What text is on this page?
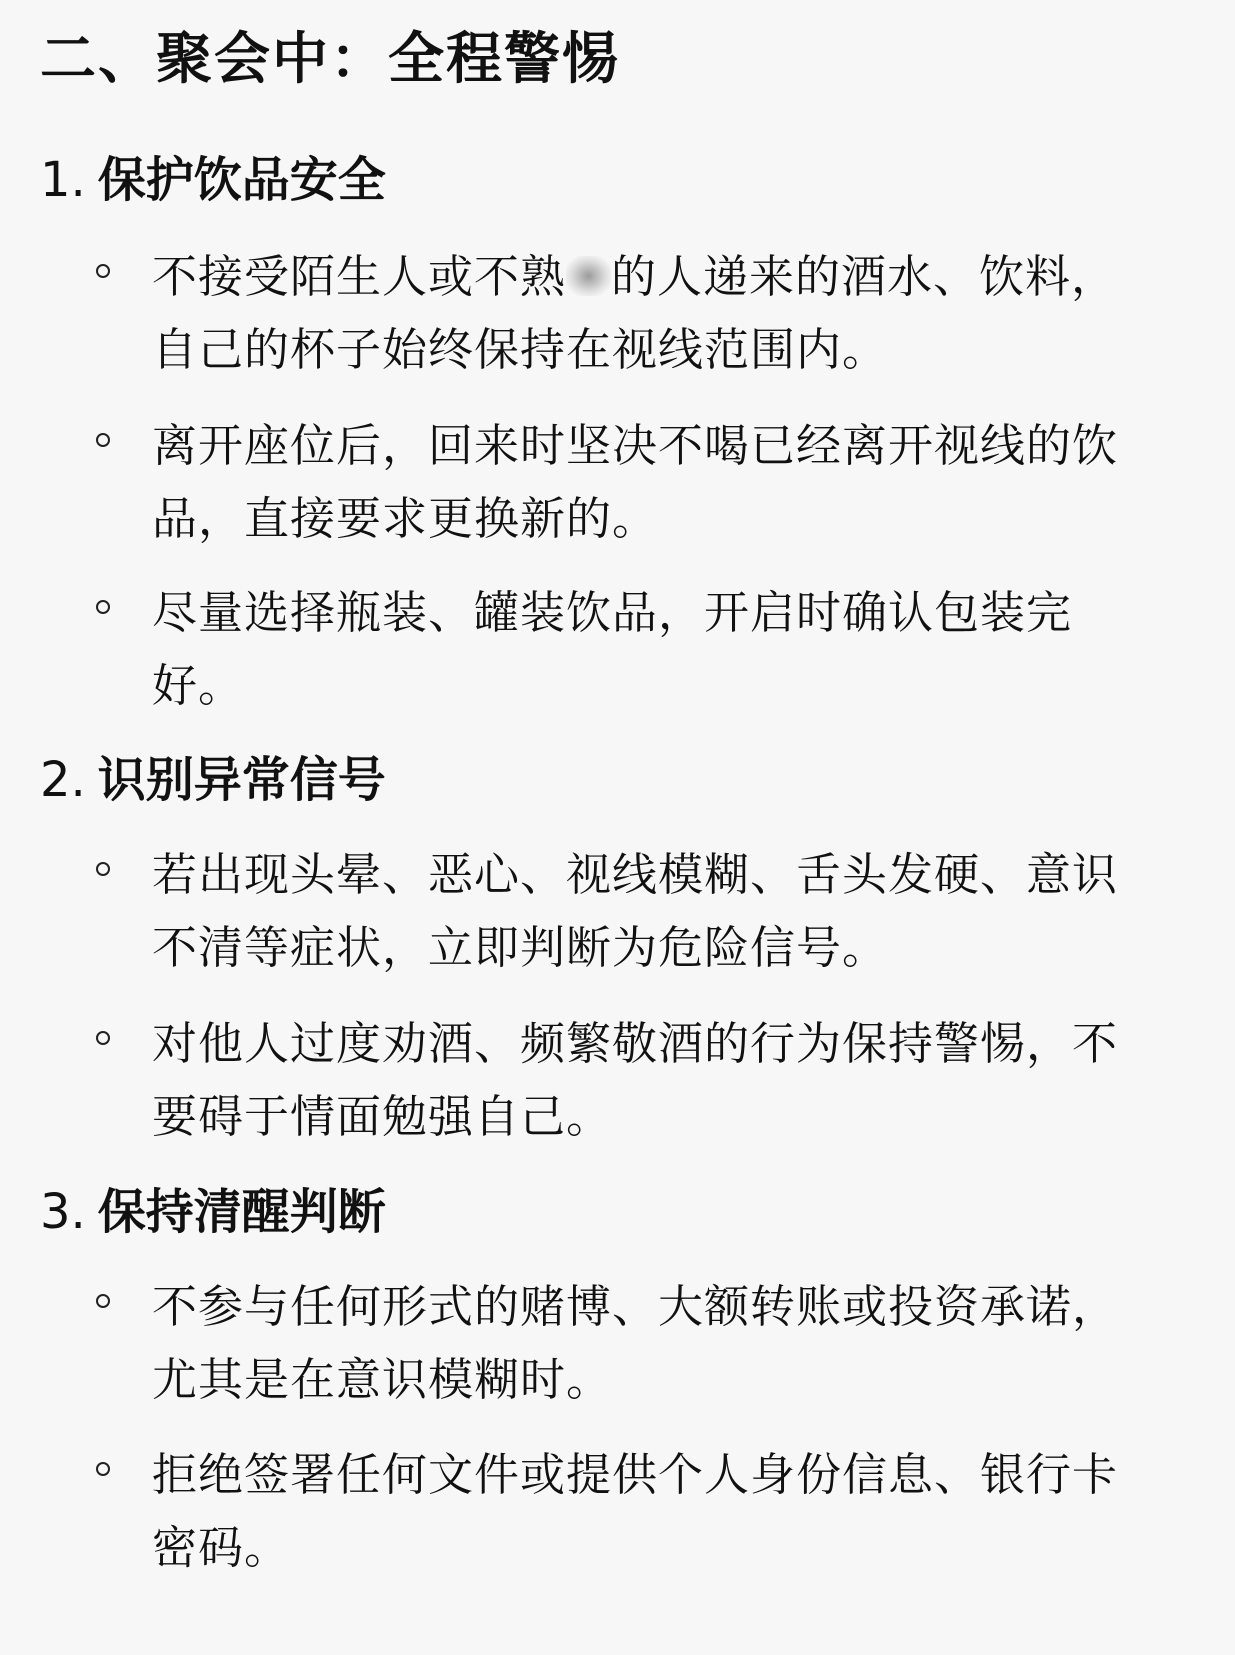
二、聚会中：全程警惕
1. 保护饮品安全

不接受陌生人或不熟 的人递来的酒水、饮料，自己的杯子始终保持在视线范围内。

离开座位后，回来时坚决不喝已经离开视线的饮品，直接要求更换新的。

尽量选择瓶装、罐装饮品，开启时确认包装完好。

2. 识别异常信号

若出现头晕、恶心、视线模糊、舌头发硬、意识不清等症状，立即判断为危险信号。

对他人过度劝酒、频繁敬酒的行为保持警惕，不要碍于情面勉强自己。

3. 保持清醒判断

不参与任何形式的赌博、大额转账或投资承诺，尤其是在意识模糊时。

拒绝签署任何文件或提供个人身份信息、银行卡密码。
